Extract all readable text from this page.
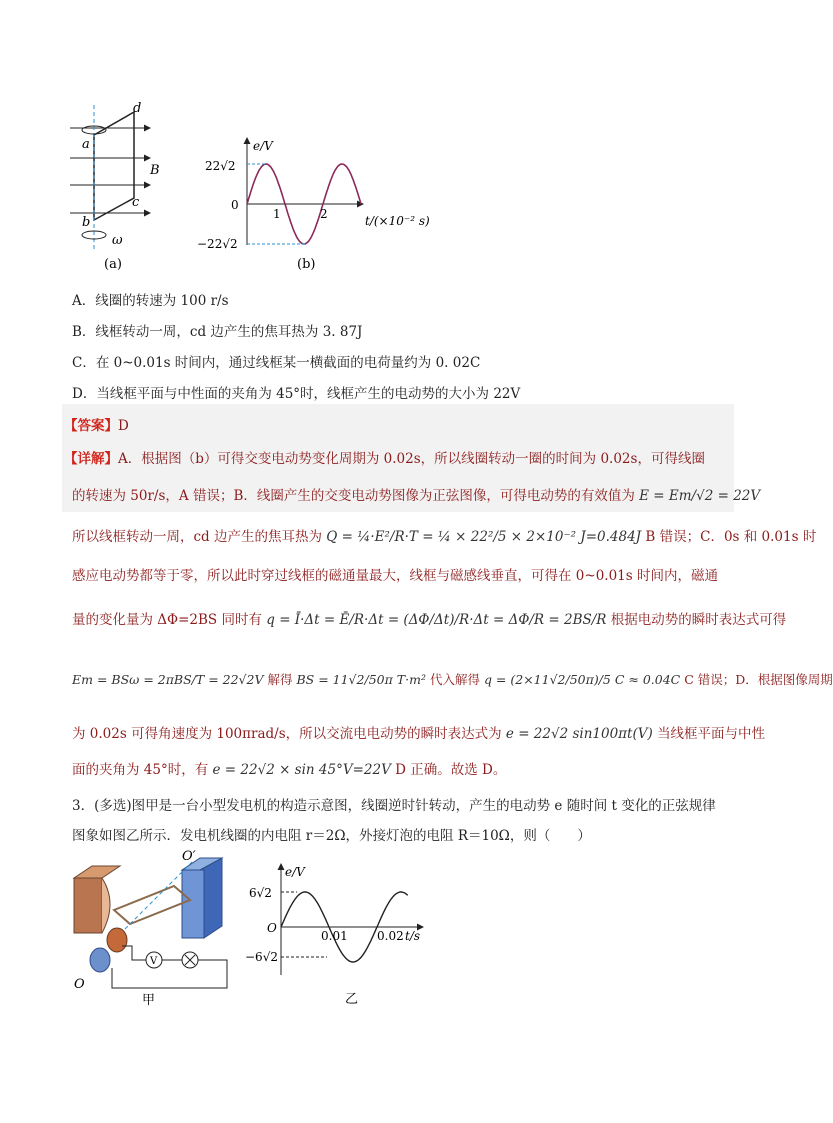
d
a
B
c
b
ω
(a)
e/V
22√2
0
−22√2
1	2	t/(×10⁻² s)
(b)
A．线圈的转速为 100 r/s
B．线框转动一周，cd 边产生的焦耳热为 3. 87J
C．在 0~0.01s 时间内，通过线框某一横截面的电荷量约为 0. 02C
D．当线框平面与中性面的夹角为 45°时，线框产生的电动势的大小为 22V
【答案】D
【详解】A．根据图（b）可得交变电动势变化周期为 0.02s，所以线圈转动一圈的时间为 0.02s，可得线圈
的转速为 50r/s，A 错误；B．线圈产生的交变电动势图像为正弦图像，可得电动势的有效值为 E = Em/√2 = 22V
所以线框转动一周，cd 边产生的焦耳热为 Q = ¼·E²/R·T = ¼ × 22²/5 × 2×10⁻² J=0.484J B 错误；C．0s 和 0.01s 时
感应电动势都等于零，所以此时穿过线框的磁通量最大，线框与磁感线垂直，可得在 0~0.01s 时间内，磁通
量的变化量为 ΔΦ=2BS 同时有 q = Ī·Δt = Ē/R·Δt = (ΔΦ/Δt)/R·Δt = ΔΦ/R = 2BS/R 根据电动势的瞬时表达式可得
Em = BSω = 2πBS/T = 22√2V 解得 BS = 11√2/50π T·m² 代入解得 q = (2×11√2/50π)/5 C ≈ 0.04C C 错误；D．根据图像周期
为 0.02s 可得角速度为 100πrad/s，所以交流电电动势的瞬时表达式为 e = 22√2 sin100πt(V) 当线框平面与中性
面的夹角为 45°时，有 e = 22√2 × sin 45°V=22V D 正确。故选 D。
3．(多选)图甲是一台小型发电机的构造示意图，线圈逆时针转动，产生的电动势 e 随时间 t 变化的正弦规律
图象如图乙所示．发电机线圈的内电阻 r＝2Ω，外接灯泡的电阻 R＝10Ω，则（　　）
O′
O
V
甲
e/V
6√2
O
−6√2
0.01 0.02 t/s
乙
